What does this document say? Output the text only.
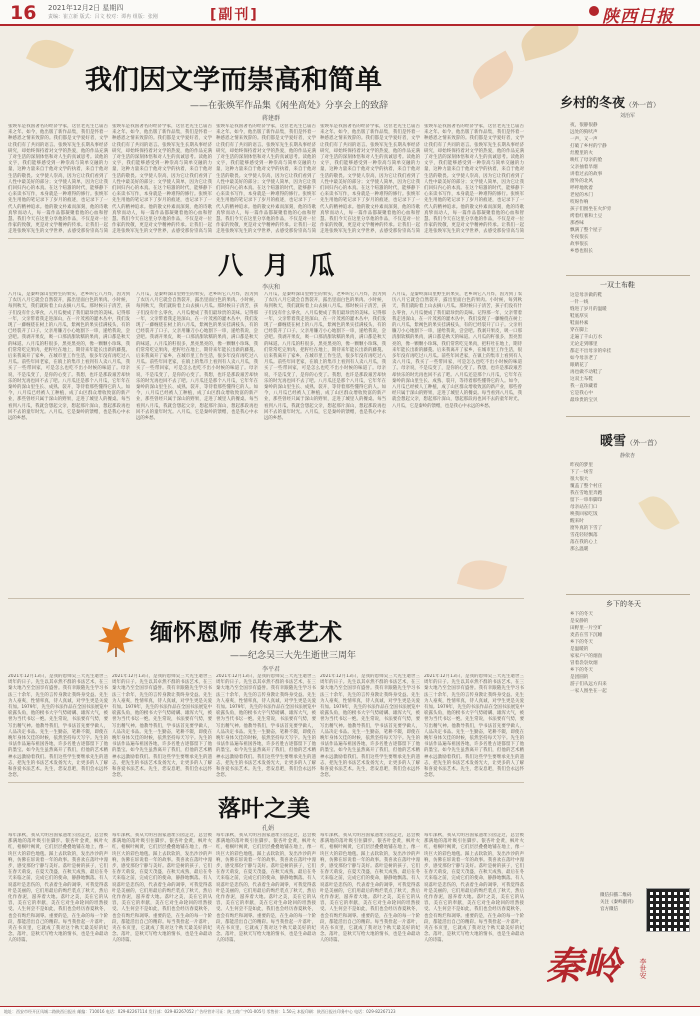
16 2021年12月2日 星期四
责编：崔立新 版式：吕文 校对：谭冉 组版：张刚	[副刊]	陕西日报
我们因文学而崇高和简单
——在张焕军作品集《闲坐高处》分享会上的致辞
蒋建群
张焕军是我国著名的经济学家，这位老先生已届古来之年。如今，他出版了新作品集，我们是怀着一种感恩之情来致辞的。我们都是文学爱好者，文学让我们有了共同的语言。张焕军先生长期从事经济研究，却始终保持着对文学的热爱，他的作品充满了对生活的深刻体悟和对人生的真诚思考。读他的文字，我们能够感受到一种崇高与简单交融的力量，这种力量来自于他对文学的执着，来自于他对生活的敬畏。文学使人崇高，因为它让我们看到了人性中最美好的部分；文学使人简单，因为它让我们回归内心的本真。在这个喧嚣的时代，能够静下心来读书写作，本身就是一种难得的修行。张焕军先生用他的笔记录下了岁月的痕迹，也记录下了一代人的精神追求。他的散文朴素而深刻，他的诗歌真挚而动人，每一篇作品都凝聚着他的心血和智慧。我们今天在这里分享他的作品，不仅是对一位作家的致敬，更是对文学精神的传承。让我们一起走进张焕军先生的文学世界，去感受那份崇高与简
张焕军是我国著名的经济学家，这位老先生已届古来之年。如今，他出版了新作品集，我们是怀着一种感恩之情来致辞的。我们都是文学爱好者，文学让我们有了共同的语言。张焕军先生长期从事经济研究，却始终保持着对文学的热爱，他的作品充满了对生活的深刻体悟和对人生的真诚思考。读他的文字，我们能够感受到一种崇高与简单交融的力量，这种力量来自于他对文学的执着，来自于他对生活的敬畏。文学使人崇高，因为它让我们看到了人性中最美好的部分；文学使人简单，因为它让我们回归内心的本真。在这个喧嚣的时代，能够静下心来读书写作，本身就是一种难得的修行。张焕军先生用他的笔记录下了岁月的痕迹，也记录下了一代人的精神追求。他的散文朴素而深刻，他的诗歌真挚而动人，每一篇作品都凝聚着他的心血和智慧。我们今天在这里分享他的作品，不仅是对一位作家的致敬，更是对文学精神的传承。让我们一起走进张焕军先生的文学世界，去感受那份崇高与简
张焕军是我国著名的经济学家，这位老先生已届古来之年。如今，他出版了新作品集，我们是怀着一种感恩之情来致辞的。我们都是文学爱好者，文学让我们有了共同的语言。张焕军先生长期从事经济研究，却始终保持着对文学的热爱，他的作品充满了对生活的深刻体悟和对人生的真诚思考。读他的文字，我们能够感受到一种崇高与简单交融的力量，这种力量来自于他对文学的执着，来自于他对生活的敬畏。文学使人崇高，因为它让我们看到了人性中最美好的部分；文学使人简单，因为它让我们回归内心的本真。在这个喧嚣的时代，能够静下心来读书写作，本身就是一种难得的修行。张焕军先生用他的笔记录下了岁月的痕迹，也记录下了一代人的精神追求。他的散文朴素而深刻，他的诗歌真挚而动人，每一篇作品都凝聚着他的心血和智慧。我们今天在这里分享他的作品，不仅是对一位作家的致敬，更是对文学精神的传承。让我们一起走进张焕军先生的文学世界，去感受那份崇高与简
张焕军是我国著名的经济学家，这位老先生已届古来之年。如今，他出版了新作品集，我们是怀着一种感恩之情来致辞的。我们都是文学爱好者，文学让我们有了共同的语言。张焕军先生长期从事经济研究，却始终保持着对文学的热爱，他的作品充满了对生活的深刻体悟和对人生的真诚思考。读他的文字，我们能够感受到一种崇高与简单交融的力量，这种力量来自于他对文学的执着，来自于他对生活的敬畏。文学使人崇高，因为它让我们看到了人性中最美好的部分；文学使人简单，因为它让我们回归内心的本真。在这个喧嚣的时代，能够静下心来读书写作，本身就是一种难得的修行。张焕军先生用他的笔记录下了岁月的痕迹，也记录下了一代人的精神追求。他的散文朴素而深刻，他的诗歌真挚而动人，每一篇作品都凝聚着他的心血和智慧。我们今天在这里分享他的作品，不仅是对一位作家的致敬，更是对文学精神的传承。让我们一起走进张焕军先生的文学世界，去感受那份崇高与简
张焕军是我国著名的经济学家，这位老先生已届古来之年。如今，他出版了新作品集，我们是怀着一种感恩之情来致辞的。我们都是文学爱好者，文学让我们有了共同的语言。张焕军先生长期从事经济研究，却始终保持着对文学的热爱，他的作品充满了对生活的深刻体悟和对人生的真诚思考。读他的文字，我们能够感受到一种崇高与简单交融的力量，这种力量来自于他对文学的执着，来自于他对生活的敬畏。文学使人崇高，因为它让我们看到了人性中最美好的部分；文学使人简单，因为它让我们回归内心的本真。在这个喧嚣的时代，能够静下心来读书写作，本身就是一种难得的修行。张焕军先生用他的笔记录下了岁月的痕迹，也记录下了一代人的精神追求。他的散文朴素而深刻，他的诗歌真挚而动人，每一篇作品都凝聚着他的心血和智慧。我们今天在这里分享他的作品，不仅是对一位作家的致敬，更是对文学精神的传承。让我们一起走进张焕军先生的文学世界，去感受那份崇高与简
八 月 瓜
李庆和
八月瓜，是秦岭深山里野生的果实，老乡叫它八月炸，因为到了农历八月它就会自然裂开，露出里面白色的果肉。小时候，每到秋天，我们就盼着上山去摘八月瓜。那时候日子清苦，孩子们没有什么零食，八月瓜便成了我们最珍贵的美味。记得那一年，父亲带着我走进深山，在一片茂密的灌木丛中，我们发现了一藤缠绕在树上的八月瓜，紫褐色的果实挂满枝头，有的已经裂开了口子。父亲用镰刀小心地割下一串，递给我说，尝尝吧。我剥开果皮，吸一口那清甜软糯的果肉，满口都是秋天的味道。八月瓜的籽很多，黑亮黑亮的，像一颗颗小珍珠，我们常常吃完果肉，把籽吐在地上，期待来年能长出新的藤蔓。后来我离开了家乡，在城市里工作生活，很多年没有再吃过八月瓜。前些年回老家，在镇上的集市上看到有人卖八月瓜，我买了一些带回家，可是怎么也吃不出小时候的味道了。母亲说，不是瓜变了，是你的心变了。我想，也许是那段艰苦却快乐的时光再也回不去了吧。八月瓜还是那个八月瓜，它年年在秦岭的深山里生长、成熟、裂开，等待着那些懂得它的人。如今，八月瓜已经被人工种植，成了山区群众增收致富的新产业，那些曾经只属于深山的野果，走进了城里人的餐桌。每当看到八月瓜，我就会想起父亲，想起那片深山，想起那段再也回不去的童年时光。八月瓜，它是秦岭的馈赠，也是我心中永远的乡愁。
八月瓜，是秦岭深山里野生的果实，老乡叫它八月炸，因为到了农历八月它就会自然裂开，露出里面白色的果肉。小时候，每到秋天，我们就盼着上山去摘八月瓜。那时候日子清苦，孩子们没有什么零食，八月瓜便成了我们最珍贵的美味。记得那一年，父亲带着我走进深山，在一片茂密的灌木丛中，我们发现了一藤缠绕在树上的八月瓜，紫褐色的果实挂满枝头，有的已经裂开了口子。父亲用镰刀小心地割下一串，递给我说，尝尝吧。我剥开果皮，吸一口那清甜软糯的果肉，满口都是秋天的味道。八月瓜的籽很多，黑亮黑亮的，像一颗颗小珍珠，我们常常吃完果肉，把籽吐在地上，期待来年能长出新的藤蔓。后来我离开了家乡，在城市里工作生活，很多年没有再吃过八月瓜。前些年回老家，在镇上的集市上看到有人卖八月瓜，我买了一些带回家，可是怎么也吃不出小时候的味道了。母亲说，不是瓜变了，是你的心变了。我想，也许是那段艰苦却快乐的时光再也回不去了吧。八月瓜还是那个八月瓜，它年年在秦岭的深山里生长、成熟、裂开，等待着那些懂得它的人。如今，八月瓜已经被人工种植，成了山区群众增收致富的新产业，那些曾经只属于深山的野果，走进了城里人的餐桌。每当看到八月瓜，我就会想起父亲，想起那片深山，想起那段再也回不去的童年时光。八月瓜，它是秦岭的馈赠，也是我心中永远的乡愁。
八月瓜，是秦岭深山里野生的果实，老乡叫它八月炸，因为到了农历八月它就会自然裂开，露出里面白色的果肉。小时候，每到秋天，我们就盼着上山去摘八月瓜。那时候日子清苦，孩子们没有什么零食，八月瓜便成了我们最珍贵的美味。记得那一年，父亲带着我走进深山，在一片茂密的灌木丛中，我们发现了一藤缠绕在树上的八月瓜，紫褐色的果实挂满枝头，有的已经裂开了口子。父亲用镰刀小心地割下一串，递给我说，尝尝吧。我剥开果皮，吸一口那清甜软糯的果肉，满口都是秋天的味道。八月瓜的籽很多，黑亮黑亮的，像一颗颗小珍珠，我们常常吃完果肉，把籽吐在地上，期待来年能长出新的藤蔓。后来我离开了家乡，在城市里工作生活，很多年没有再吃过八月瓜。前些年回老家，在镇上的集市上看到有人卖八月瓜，我买了一些带回家，可是怎么也吃不出小时候的味道了。母亲说，不是瓜变了，是你的心变了。我想，也许是那段艰苦却快乐的时光再也回不去了吧。八月瓜还是那个八月瓜，它年年在秦岭的深山里生长、成熟、裂开，等待着那些懂得它的人。如今，八月瓜已经被人工种植，成了山区群众增收致富的新产业，那些曾经只属于深山的野果，走进了城里人的餐桌。每当看到八月瓜，我就会想起父亲，想起那片深山，想起那段再也回不去的童年时光。八月瓜，它是秦岭的馈赠，也是我心中永远的乡愁。
八月瓜，是秦岭深山里野生的果实，老乡叫它八月炸，因为到了农历八月它就会自然裂开，露出里面白色的果肉。小时候，每到秋天，我们就盼着上山去摘八月瓜。那时候日子清苦，孩子们没有什么零食，八月瓜便成了我们最珍贵的美味。记得那一年，父亲带着我走进深山，在一片茂密的灌木丛中，我们发现了一藤缠绕在树上的八月瓜，紫褐色的果实挂满枝头，有的已经裂开了口子。父亲用镰刀小心地割下一串，递给我说，尝尝吧。我剥开果皮，吸一口那清甜软糯的果肉，满口都是秋天的味道。八月瓜的籽很多，黑亮黑亮的，像一颗颗小珍珠，我们常常吃完果肉，把籽吐在地上，期待来年能长出新的藤蔓。后来我离开了家乡，在城市里工作生活，很多年没有再吃过八月瓜。前些年回老家，在镇上的集市上看到有人卖八月瓜，我买了一些带回家，可是怎么也吃不出小时候的味道了。母亲说，不是瓜变了，是你的心变了。我想，也许是那段艰苦却快乐的时光再也回不去了吧。八月瓜还是那个八月瓜，它年年在秦岭的深山里生长、成熟、裂开，等待着那些懂得它的人。如今，八月瓜已经被人工种植，成了山区群众增收致富的新产业，那些曾经只属于深山的野果，走进了城里人的餐桌。每当看到八月瓜，我就会想起父亲，想起那片深山，想起那段再也回不去的童年时光。八月瓜，它是秦岭的馈赠，也是我心中永远的乡愁。
缅怀恩师 传承艺术
——纪念吴三大先生逝世三周年
李平君
2021年12月13日，是我的恩师吴三大先生逝世三周年的日子。先生以其卓然不群的书法艺术，在三秦大地乃至全国享有盛誉。我有幸跟随先生学习书法三十余年，先生的言传身教让我终身受益。先生为人豪爽，性情率真，待人真诚，对学生更是关爱有加。1979年，先生的书法作品在全国书法展览中崭露头角，他的榜书大字气势磅礴、雄浑大气，被誉为当代书坛一绝。先生常说，书法要有气势，要写出精气神。他教导我们，学书法首先要学做人，人品决定书品。先生一生勤奋，笔耕不辍，即使在晚年身体欠佳的时候，依然坚持每天写字。先生的书法作品遍布祖国各地，许多名胜古迹都留下了他的墨宝。如今先生虽然离开了我们，但他的艺术精神永远激励着我们。我们这些学生要继承先生的遗志，把先生的书法艺术发扬光大，让更多的人了解和喜爱书法艺术。先生，您安息吧，我们会永远怀念您。
2021年12月13日，是我的恩师吴三大先生逝世三周年的日子。先生以其卓然不群的书法艺术，在三秦大地乃至全国享有盛誉。我有幸跟随先生学习书法三十余年，先生的言传身教让我终身受益。先生为人豪爽，性情率真，待人真诚，对学生更是关爱有加。1979年，先生的书法作品在全国书法展览中崭露头角，他的榜书大字气势磅礴、雄浑大气，被誉为当代书坛一绝。先生常说，书法要有气势，要写出精气神。他教导我们，学书法首先要学做人，人品决定书品。先生一生勤奋，笔耕不辍，即使在晚年身体欠佳的时候，依然坚持每天写字。先生的书法作品遍布祖国各地，许多名胜古迹都留下了他的墨宝。如今先生虽然离开了我们，但他的艺术精神永远激励着我们。我们这些学生要继承先生的遗志，把先生的书法艺术发扬光大，让更多的人了解和喜爱书法艺术。先生，您安息吧，我们会永远怀念您。
2021年12月13日，是我的恩师吴三大先生逝世三周年的日子。先生以其卓然不群的书法艺术，在三秦大地乃至全国享有盛誉。我有幸跟随先生学习书法三十余年，先生的言传身教让我终身受益。先生为人豪爽，性情率真，待人真诚，对学生更是关爱有加。1979年，先生的书法作品在全国书法展览中崭露头角，他的榜书大字气势磅礴、雄浑大气，被誉为当代书坛一绝。先生常说，书法要有气势，要写出精气神。他教导我们，学书法首先要学做人，人品决定书品。先生一生勤奋，笔耕不辍，即使在晚年身体欠佳的时候，依然坚持每天写字。先生的书法作品遍布祖国各地，许多名胜古迹都留下了他的墨宝。如今先生虽然离开了我们，但他的艺术精神永远激励着我们。我们这些学生要继承先生的遗志，把先生的书法艺术发扬光大，让更多的人了解和喜爱书法艺术。先生，您安息吧，我们会永远怀念您。
2021年12月13日，是我的恩师吴三大先生逝世三周年的日子。先生以其卓然不群的书法艺术，在三秦大地乃至全国享有盛誉。我有幸跟随先生学习书法三十余年，先生的言传身教让我终身受益。先生为人豪爽，性情率真，待人真诚，对学生更是关爱有加。1979年，先生的书法作品在全国书法展览中崭露头角，他的榜书大字气势磅礴、雄浑大气，被誉为当代书坛一绝。先生常说，书法要有气势，要写出精气神。他教导我们，学书法首先要学做人，人品决定书品。先生一生勤奋，笔耕不辍，即使在晚年身体欠佳的时候，依然坚持每天写字。先生的书法作品遍布祖国各地，许多名胜古迹都留下了他的墨宝。如今先生虽然离开了我们，但他的艺术精神永远激励着我们。我们这些学生要继承先生的遗志，把先生的书法艺术发扬光大，让更多的人了解和喜爱书法艺术。先生，您安息吧，我们会永远怀念您。
2021年12月13日，是我的恩师吴三大先生逝世三周年的日子。先生以其卓然不群的书法艺术，在三秦大地乃至全国享有盛誉。我有幸跟随先生学习书法三十余年，先生的言传身教让我终身受益。先生为人豪爽，性情率真，待人真诚，对学生更是关爱有加。1979年，先生的书法作品在全国书法展览中崭露头角，他的榜书大字气势磅礴、雄浑大气，被誉为当代书坛一绝。先生常说，书法要有气势，要写出精气神。他教导我们，学书法首先要学做人，人品决定书品。先生一生勤奋，笔耕不辍，即使在晚年身体欠佳的时候，依然坚持每天写字。先生的书法作品遍布祖国各地，许多名胜古迹都留下了他的墨宝。如今先生虽然离开了我们，但他的艺术精神永远激励着我们。我们这些学生要继承先生的遗志，把先生的书法艺术发扬光大，让更多的人了解和喜爱书法艺术。先生，您安息吧，我们会永远怀念您。
落叶之美
孔娟
每年深秋，我从大明宫国家遗址公园走过，总会被那满地的落叶吸引住脚步。银杏叶金黄，枫叶火红，梧桐叶褐黄，它们层层叠叠地铺在地上，像一块巨大的彩色地毯。踩上去软软的，发出沙沙的声响，仿佛在诉说着一年的故事。我喜欢在落叶中漫步，感受那份宁静与美好。落叶是树的孩子，它们在春天萌发，在夏天茂盛，在秋天成熟，最后在冬天来临之前，完成它们的使命，静静地飘落。有人说落叶是悲伤的，代表着生命的凋零，可我觉得落叶是美丽的，它们用最后的绚烂装点了秋天，然后化作春泥，滋养着大地。落叶之美，美在它的从容，美在它的奉献，美在它对生命轮回的坦然接受。人生何尝不是如此，我们也会经历春夏秋冬，也会有绚烂和凋零。重要的是，在生命的每一个阶段，都能活出自己的精彩。每当我捡起一片落叶，夹在书页里，它就成了我对这个秋天最美好的纪念。落叶，是秋天写给大地的情书，也是生命最动人的诗篇。
每年深秋，我从大明宫国家遗址公园走过，总会被那满地的落叶吸引住脚步。银杏叶金黄，枫叶火红，梧桐叶褐黄，它们层层叠叠地铺在地上，像一块巨大的彩色地毯。踩上去软软的，发出沙沙的声响，仿佛在诉说着一年的故事。我喜欢在落叶中漫步，感受那份宁静与美好。落叶是树的孩子，它们在春天萌发，在夏天茂盛，在秋天成熟，最后在冬天来临之前，完成它们的使命，静静地飘落。有人说落叶是悲伤的，代表着生命的凋零，可我觉得落叶是美丽的，它们用最后的绚烂装点了秋天，然后化作春泥，滋养着大地。落叶之美，美在它的从容，美在它的奉献，美在它对生命轮回的坦然接受。人生何尝不是如此，我们也会经历春夏秋冬，也会有绚烂和凋零。重要的是，在生命的每一个阶段，都能活出自己的精彩。每当我捡起一片落叶，夹在书页里，它就成了我对这个秋天最美好的纪念。落叶，是秋天写给大地的情书，也是生命最动人的诗篇。
每年深秋，我从大明宫国家遗址公园走过，总会被那满地的落叶吸引住脚步。银杏叶金黄，枫叶火红，梧桐叶褐黄，它们层层叠叠地铺在地上，像一块巨大的彩色地毯。踩上去软软的，发出沙沙的声响，仿佛在诉说着一年的故事。我喜欢在落叶中漫步，感受那份宁静与美好。落叶是树的孩子，它们在春天萌发，在夏天茂盛，在秋天成熟，最后在冬天来临之前，完成它们的使命，静静地飘落。有人说落叶是悲伤的，代表着生命的凋零，可我觉得落叶是美丽的，它们用最后的绚烂装点了秋天，然后化作春泥，滋养着大地。落叶之美，美在它的从容，美在它的奉献，美在它对生命轮回的坦然接受。人生何尝不是如此，我们也会经历春夏秋冬，也会有绚烂和凋零。重要的是，在生命的每一个阶段，都能活出自己的精彩。每当我捡起一片落叶，夹在书页里，它就成了我对这个秋天最美好的纪念。落叶，是秋天写给大地的情书，也是生命最动人的诗篇。
每年深秋，我从大明宫国家遗址公园走过，总会被那满地的落叶吸引住脚步。银杏叶金黄，枫叶火红，梧桐叶褐黄，它们层层叠叠地铺在地上，像一块巨大的彩色地毯。踩上去软软的，发出沙沙的声响，仿佛在诉说着一年的故事。我喜欢在落叶中漫步，感受那份宁静与美好。落叶是树的孩子，它们在春天萌发，在夏天茂盛，在秋天成熟，最后在冬天来临之前，完成它们的使命，静静地飘落。有人说落叶是悲伤的，代表着生命的凋零，可我觉得落叶是美丽的，它们用最后的绚烂装点了秋天，然后化作春泥，滋养着大地。落叶之美，美在它的从容，美在它的奉献，美在它对生命轮回的坦然接受。人生何尝不是如此，我们也会经历春夏秋冬，也会有绚烂和凋零。重要的是，在生命的每一个阶段，都能活出自己的精彩。每当我捡起一片落叶，夹在书页里，它就成了我对这个秋天最美好的纪念。落叶，是秋天写给大地的情书，也是生命最动人的诗篇。
每年深秋，我从大明宫国家遗址公园走过，总会被那满地的落叶吸引住脚步。银杏叶金黄，枫叶火红，梧桐叶褐黄，它们层层叠叠地铺在地上，像一块巨大的彩色地毯。踩上去软软的，发出沙沙的声响，仿佛在诉说着一年的故事。我喜欢在落叶中漫步，感受那份宁静与美好。落叶是树的孩子，它们在春天萌发，在夏天茂盛，在秋天成熟，最后在冬天来临之前，完成它们的使命，静静地飘落。有人说落叶是悲伤的，代表着生命的凋零，可我觉得落叶是美丽的，它们用最后的绚烂装点了秋天，然后化作春泥，滋养着大地。落叶之美，美在它的从容，美在它的奉献，美在它对生命轮回的坦然接受。人生何尝不是如此，我们也会经历春夏秋冬，也会有绚烂和凋零。重要的是，在生命的每一个阶段，都能活出自己的精彩。每当我捡起一片落叶，夹在书页里，它就成了我对这个秋天最美好的纪念。落叶，是秋天写给大地的情书，也是生命最动人的诗篇。
乡村的冬夜（外一首）
刘治军
夜，很静很静
远处的狗吠声
一声，又一声
打破了乡村的宁静
灶膛里的火
映红了母亲的脸
父亲抽着旱烟
讲着过去的故事
窗外的北风
呼呼地吹着
老屋的木门
吱呀作响
孩子们围坐在火炉旁
烤着红薯和土豆
那香味
飘满了整个屋子
冬夜很长
故事很长
乡愁也很长
一双土布鞋
这是母亲做的鞋
一针一线
缝进了岁月的温暖
鞋底厚实
鞋面朴素
穿在脚上
走遍了千山万水
无论走到哪里
都走不出母亲的牵挂
如今母亲老了
眼睛花了
再也做不动鞋了
这双土布鞋
我一直珍藏着
它是我心中
最珍贵的宝贝
暖雪（外一首）
静依杏
昨夜的梦里
下了一场雪
很大很大
覆盖了整个村庄
我在雪地里奔跑
留下一串串脚印
母亲站在门口
唤我回家吃饭
醒来时
窗外真的下雪了
雪花轻轻飘落
落在我的心上
那么温暖
乡下的冬天
乡下的冬天
是安静的
田野里一片空旷
麦苗在雪下沉睡
乡下的冬天
是温暖的
家家户户的烟囱
冒着袅袅炊烟
乡下的冬天
是团圆的
游子们从远方归来
一家人围坐在一起
微信扫描二维码
关注《秦岭副刊》
官方微信
秦岭	李世安
地址：西安市经开区凤城二路陕西日报社 邮编：710016 电话：029-82267114 发行部：029-82267052 广告经营许可证：陕工商广字01-005号 零售价：1.50元 本报印刷：陕西日报社印务中心 电话：029-82267123
